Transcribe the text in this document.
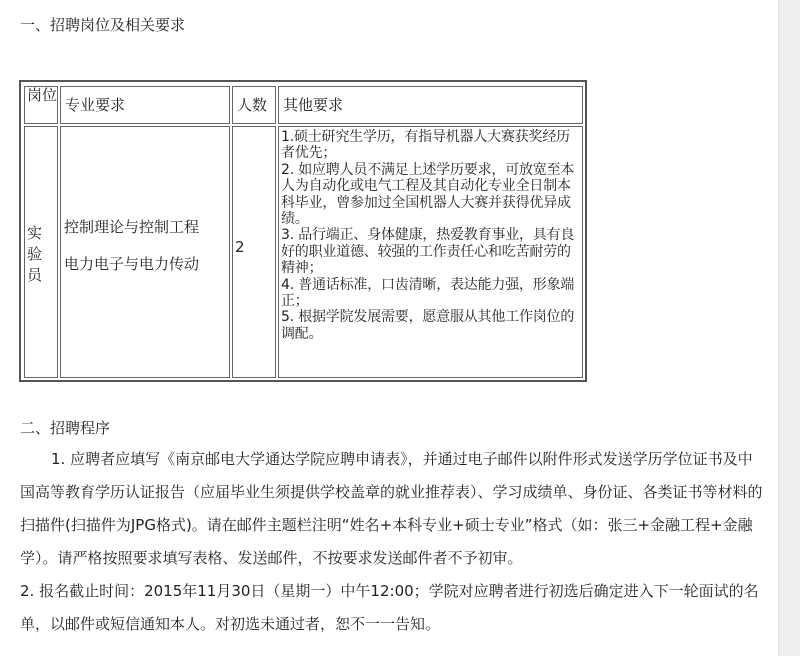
一、招聘岗位及相关要求
岗位
专业要求	人数	其他要求
实验员
控制理论与控制工程
电力电子与电力传动
2
1.硕士研究生学历，有指导机器人大赛获奖经历者优先；
2. 如应聘人员不满足上述学历要求，可放宽至本人为自动化或电气工程及其自动化专业全日制本科毕业，曾参加过全国机器人大赛并获得优异成绩。
3. 品行端正、身体健康，热爱教育事业，具有良好的职业道德、较强的工作责任心和吃苦耐劳的精神；
4. 普通话标准，口齿清晰，表达能力强，形象端正；
5. 根据学院发展需要，愿意服从其他工作岗位的调配。
二、招聘程序
1. 应聘者应填写《南京邮电大学通达学院应聘申请表》，并通过电子邮件以附件形式发送学历学位证书及中国高等教育学历认证报告（应届毕业生须提供学校盖章的就业推荐表）、学习成绩单、身份证、各类证书等材料的扫描件(扫描件为JPG格式)。请在邮件主题栏注明“姓名+本科专业+硕士专业”格式（如：张三+金融工程+金融学）。请严格按照要求填写表格、发送邮件，不按要求发送邮件者不予初审。
2. 报名截止时间：2015年11月30日（星期一）中午12:00；学院对应聘者进行初选后确定进入下一轮面试的名单，以邮件或短信通知本人。对初选未通过者，恕不一一告知。
